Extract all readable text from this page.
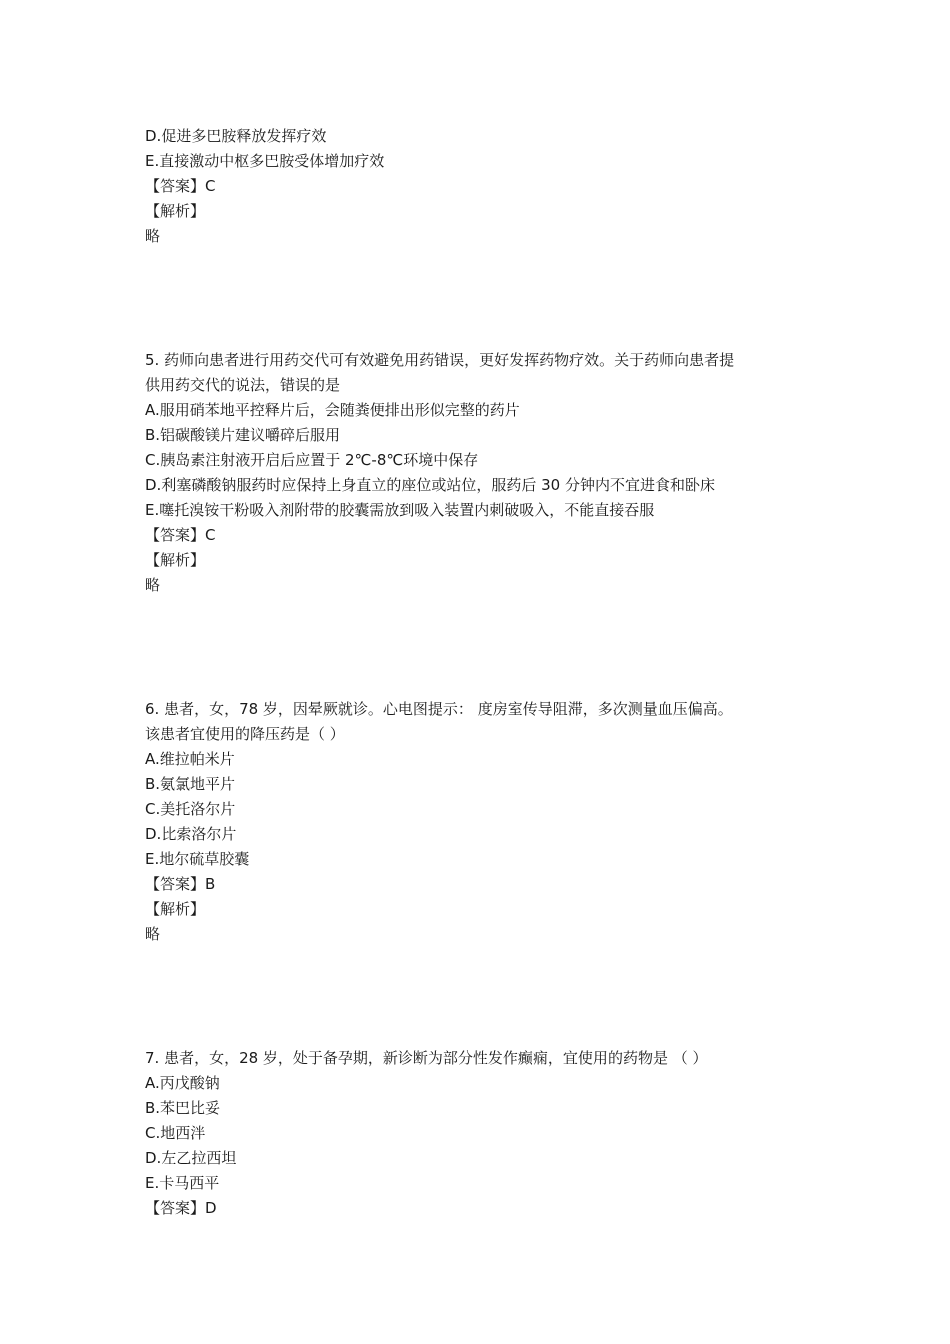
D.促进多巴胺释放发挥疗效

E.直接激动中枢多巴胺受体增加疗效

【答案】C

【解析】

略

5. 药师向患者进行用药交代可有效避免用药错误，更好发挥药物疗效。关于药师向患者提

供用药交代的说法，错误的是

A.服用硝苯地平控释片后，会随粪便排出形似完整的药片

B.铝碳酸镁片建议嚼碎后服用

C.胰岛素注射液开启后应置于 2℃-8℃环境中保存

D.利塞磷酸钠服药时应保持上身直立的座位或站位，服药后 30 分钟内不宜进食和卧床

E.噻托溴铵干粉吸入剂附带的胶囊需放到吸入装置内刺破吸入，不能直接吞服

【答案】C

【解析】

略

6. 患者，女，78 岁，因晕厥就诊。心电图提示： 度房室传导阻滞，多次测量血压偏高。

该患者宜使用的降压药是（ ）

A.维拉帕米片

B.氨氯地平片

C.美托洛尔片

D.比索洛尔片

E.地尔硫草胶囊

【答案】B

【解析】

略

7. 患者，女，28 岁，处于备孕期，新诊断为部分性发作癫痫，宜使用的药物是 （ ）

A.丙戊酸钠

B.苯巴比妥

C.地西泮

D.左乙拉西坦

E.卡马西平

【答案】D
